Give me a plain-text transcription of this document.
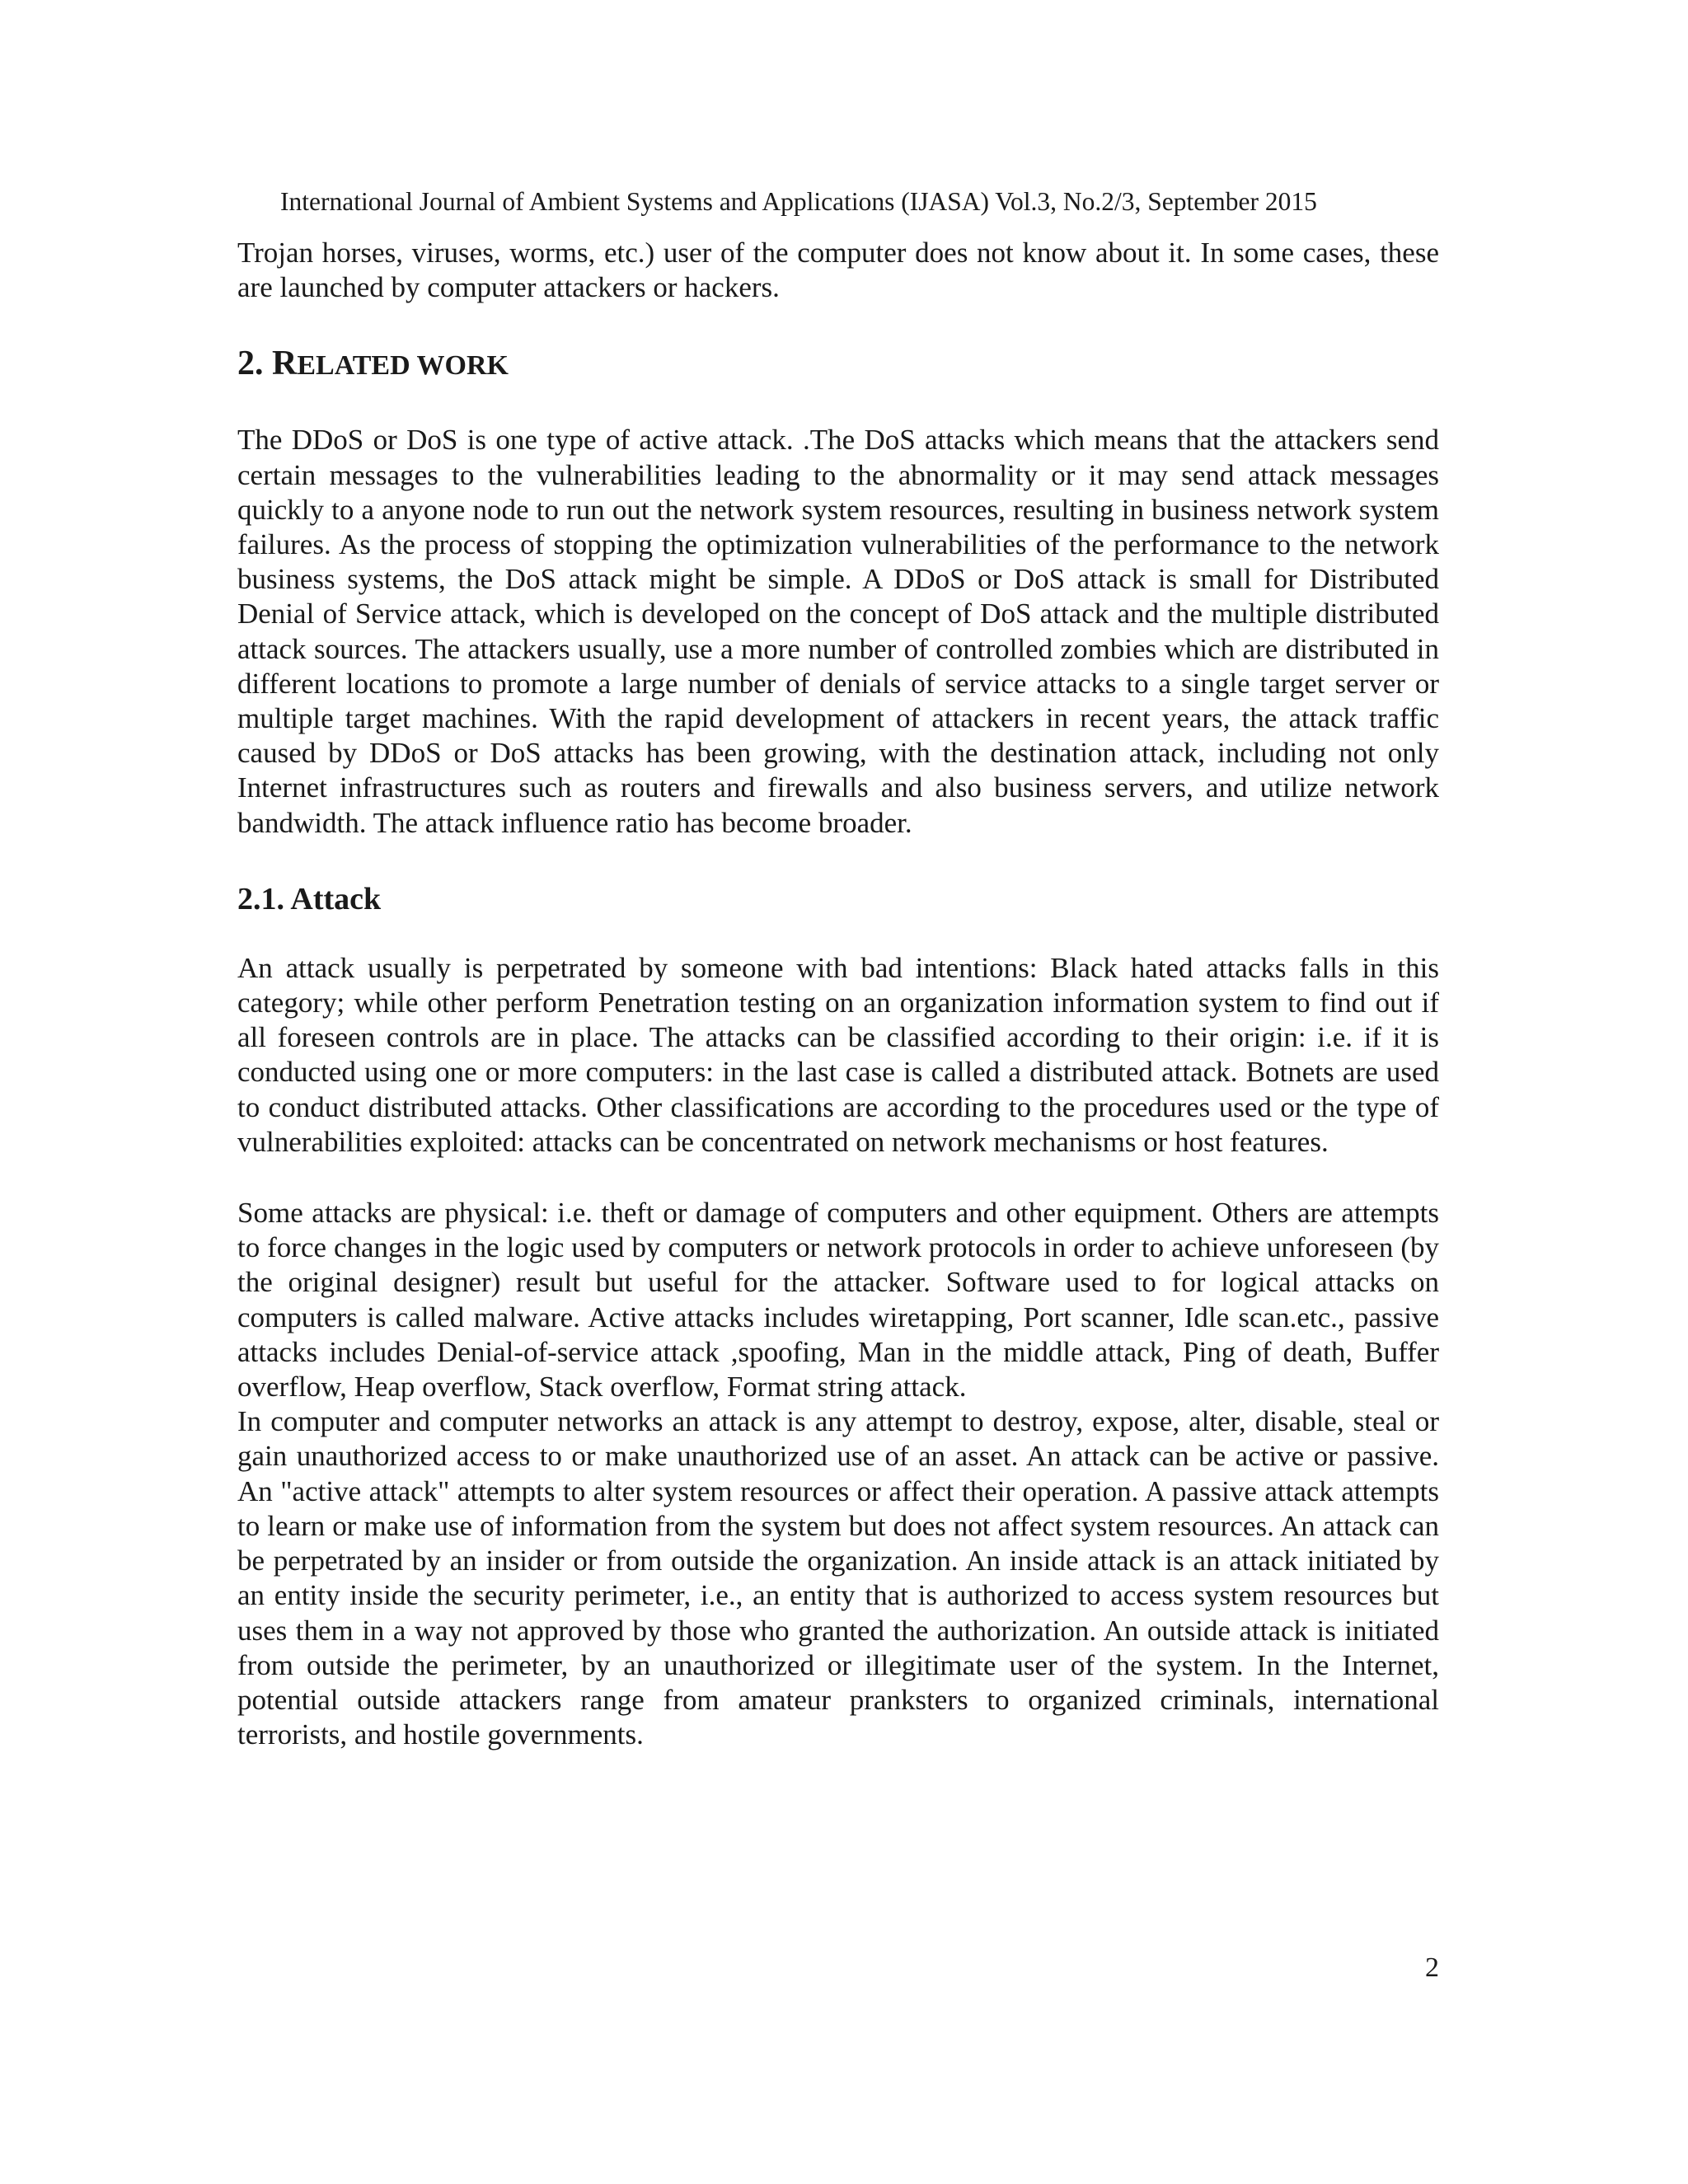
International Journal of Ambient Systems and Applications (IJASA) Vol.3, No.2/3, September 2015

Trojan horses, viruses, worms, etc.) user of the computer does not know about it. In some cases, these are launched by computer attackers or hackers.

2. RELATED WORK

The DDoS or DoS is one type of active attack. .The DoS attacks which means that the attackers send certain messages to the vulnerabilities leading to the abnormality or it may send attack messages quickly to a anyone node to run out the network system resources, resulting in business network system failures. As the process of stopping the optimization vulnerabilities of the performance to the network business systems, the DoS attack might be simple. A DDoS or DoS attack is small for Distributed Denial of Service attack, which is developed on the concept of DoS attack and the multiple distributed attack sources. The attackers usually, use a more number of controlled zombies which are distributed in different locations to promote a large number of denials of service attacks to a single target server or multiple target machines. With the rapid development of attackers in recent years, the attack traffic caused by DDoS or DoS attacks has been growing, with the destination attack, including not only Internet infrastructures such as routers and firewalls and also business servers, and utilize network bandwidth. The attack influence ratio has become broader.

2.1. Attack

An attack usually is perpetrated by someone with bad intentions: Black hated attacks falls in this category; while other perform Penetration testing on an organization information system to find out if all foreseen controls are in place. The attacks can be classified according to their origin: i.e. if it is conducted using one or more computers: in the last case is called a distributed attack. Botnets are used to conduct distributed attacks. Other classifications are according to the procedures used or the type of vulnerabilities exploited: attacks can be concentrated on network mechanisms or host features.

Some attacks are physical: i.e. theft or damage of computers and other equipment. Others are attempts to force changes in the logic used by computers or network protocols in order to achieve unforeseen (by the original designer) result but useful for the attacker. Software used to for logical attacks on computers is called malware. Active attacks includes wiretapping, Port scanner, Idle scan.etc., passive attacks includes Denial-of-service attack ,spoofing, Man in the middle attack, Ping of death, Buffer overflow, Heap overflow, Stack overflow, Format string attack.

In computer and computer networks an attack is any attempt to destroy, expose, alter, disable, steal or gain unauthorized access to or make unauthorized use of an asset. An attack can be active or passive. An "active attack" attempts to alter system resources or affect their operation. A passive attack attempts to learn or make use of information from the system but does not affect system resources. An attack can be perpetrated by an insider or from outside the organization. An inside attack is an attack initiated by an entity inside the security perimeter, i.e., an entity that is authorized to access system resources but uses them in a way not approved by those who granted the authorization. An outside attack is initiated from outside the perimeter, by an unauthorized or illegitimate user of the system. In the Internet, potential outside attackers range from amateur pranksters to organized criminals, international terrorists, and hostile governments.

2
